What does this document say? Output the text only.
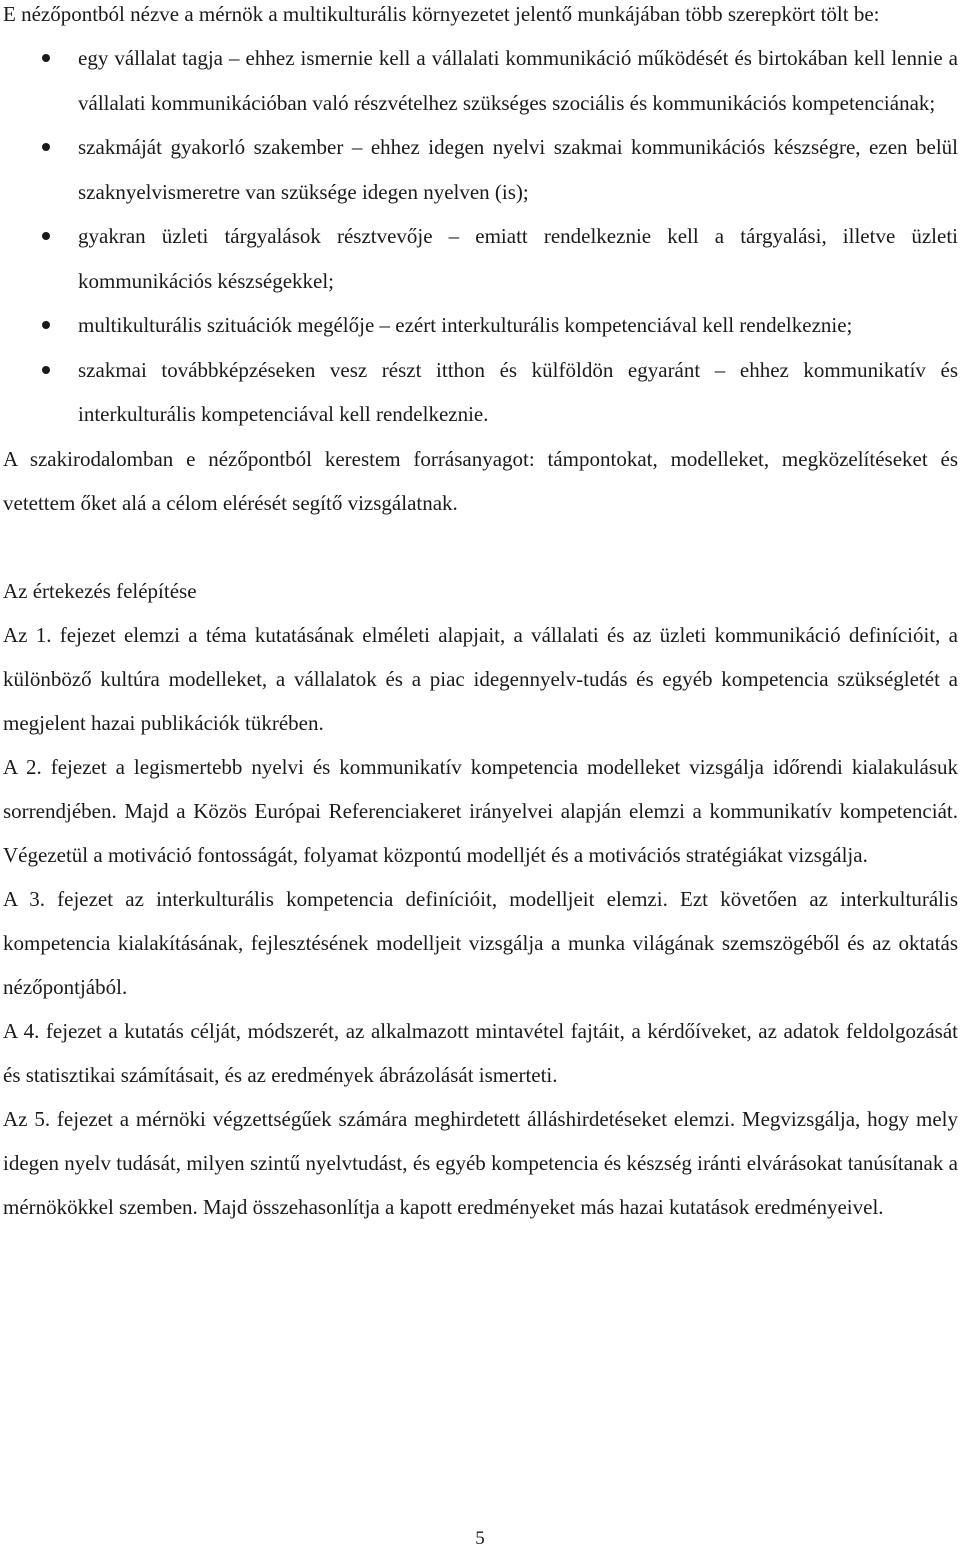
E nézőpontból nézve a mérnök a multikulturális környezetet jelentő munkájában több szerepkört tölt be:

egy vállalat tagja – ehhez ismernie kell a vállalati kommunikáció működését és birtokában kell lennie a vállalati kommunikációban való részvételhez szükséges szociális és kommunikációs kompetenciának;
szakmáját gyakorló szakember – ehhez idegen nyelvi szakmai kommunikációs készségre, ezen belül szaknyelvismeretre van szüksége idegen nyelven (is);
gyakran üzleti tárgyalások résztvevője – emiatt rendelkeznie kell a tárgyalási, illetve üzleti kommunikációs készségekkel;
multikulturális szituációk megélője – ezért interkulturális kompetenciával kell rendelkeznie;
szakmai továbbképzéseken vesz részt itthon és külföldön egyaránt – ehhez kommunikatív és interkulturális kompetenciával kell rendelkeznie.

A szakirodalomban e nézőpontból kerestem forrásanyagot: támpontokat, modelleket, megközelítéseket és vetettem őket alá a célom elérését segítő vizsgálatnak.

Az értekezés felépítése

Az 1. fejezet elemzi a téma kutatásának elméleti alapjait, a vállalati és az üzleti kommunikáció definícióit, a különböző kultúra modelleket, a vállalatok és a piac idegennyelv-tudás és egyéb kompetencia szükségletét a megjelent hazai publikációk tükrében.

A 2. fejezet a legismertebb nyelvi és kommunikatív kompetencia modelleket vizsgálja időrendi kialakulásuk sorrendjében. Majd a Közös Európai Referenciakeret irányelvei alapján elemzi a kommunikatív kompetenciát. Végezetül a motiváció fontosságát, folyamat központú modelljét és a motivációs stratégiákat vizsgálja.

A 3. fejezet az interkulturális kompetencia definícióit, modelljeit elemzi. Ezt követően az interkulturális kompetencia kialakításának, fejlesztésének modelljeit vizsgálja a munka világának szemszögéből és az oktatás nézőpontjából.

A 4. fejezet a kutatás célját, módszerét, az alkalmazott mintavétel fajtáit, a kérdőíveket, az adatok feldolgozását és statisztikai számításait, és az eredmények ábrázolását ismerteti.

Az 5. fejezet a mérnöki végzettségűek számára meghirdetett álláshirdetéseket elemzi. Megvizsgálja, hogy mely idegen nyelv tudását, milyen szintű nyelvtudást, és egyéb kompetencia és készség iránti elvárásokat tanúsítanak a mérnökökkel szemben. Majd összehasonlítja a kapott eredményeket más hazai kutatások eredményeivel.

5
